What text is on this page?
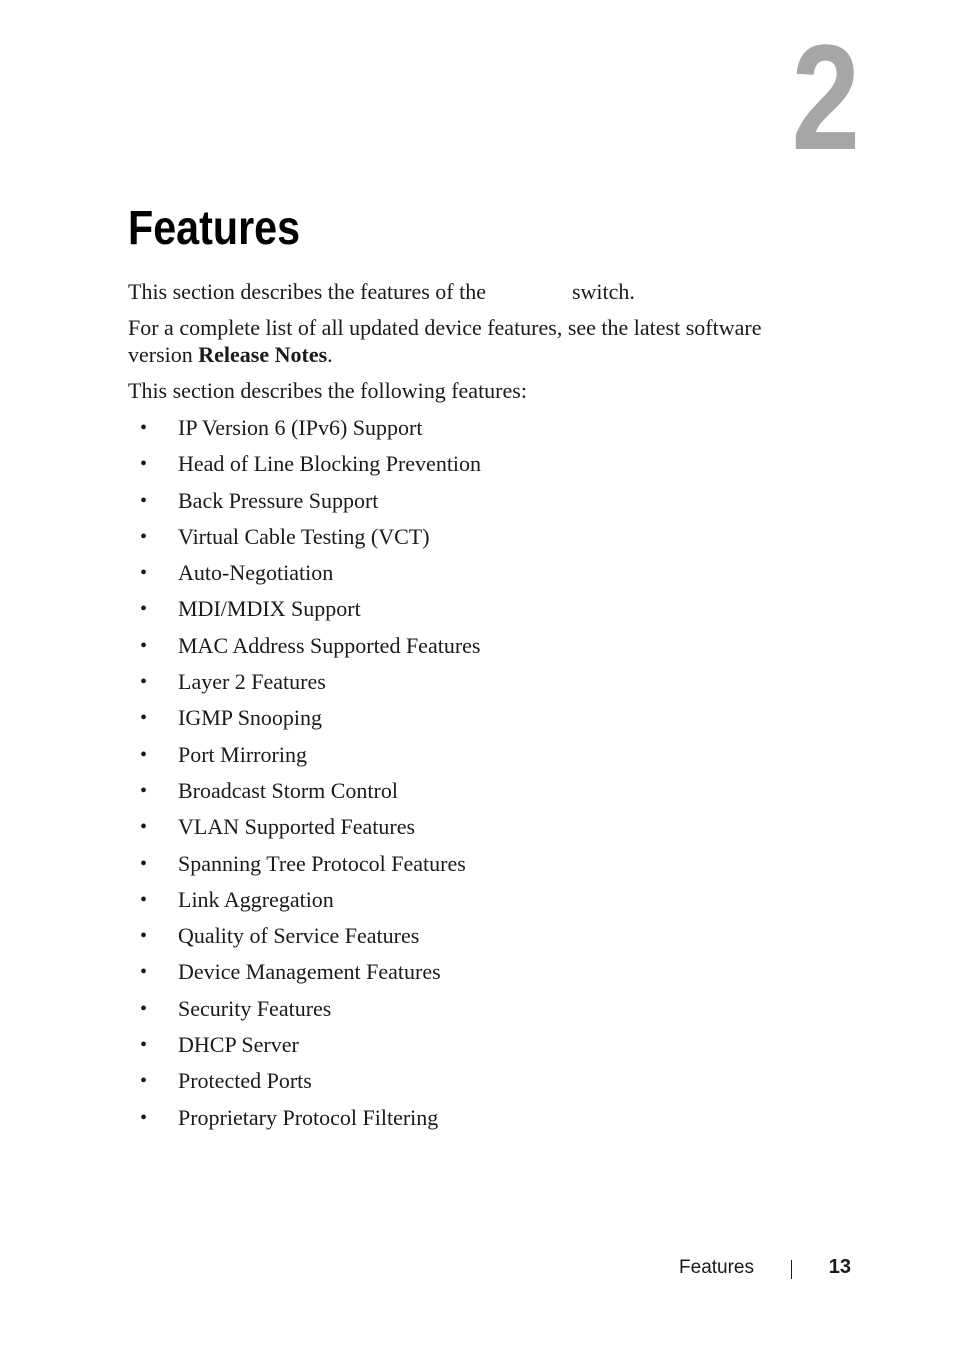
2
Features

This section describes the features of the	switch.

For a complete list of all updated device features, see the latest software version Release Notes.

This section describes the following features:

• IP Version 6 (IPv6) Support
• Head of Line Blocking Prevention
• Back Pressure Support
• Virtual Cable Testing (VCT)
• Auto-Negotiation
• MDI/MDIX Support
• MAC Address Supported Features
• Layer 2 Features
• IGMP Snooping
• Port Mirroring
• Broadcast Storm Control
• VLAN Supported Features
• Spanning Tree Protocol Features
• Link Aggregation
• Quality of Service Features
• Device Management Features
• Security Features
• DHCP Server
• Protected Ports
• Proprietary Protocol Filtering
Features	13
